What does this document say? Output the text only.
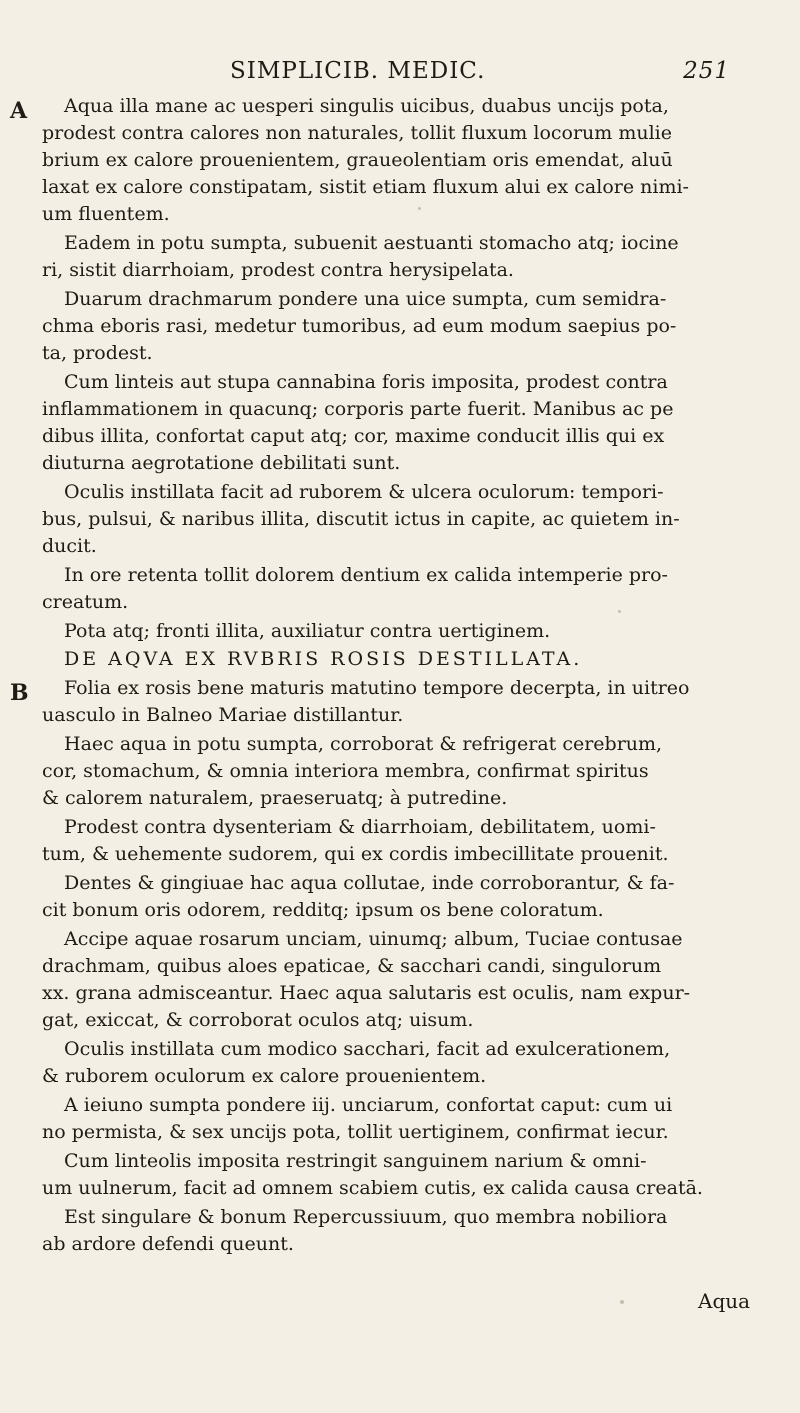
SIMPLICIB. MEDIC.	251
A
B
Aqua illa mane ac uesperi singulis uicibus, duabus uncijs pota,
prodest contra calores non naturales, tollit fluxum locorum mulie
brium ex calore prouenientem, graueolentiam oris emendat, aluū
laxat ex calore constipatam, sistit etiam fluxum alui ex calore nimi-
um fluentem.
Eadem in potu sumpta, subuenit aestuanti stomacho atq; iocine
ri, sistit diarrhoiam, prodest contra herysipelata.
Duarum drachmarum pondere una uice sumpta, cum semidra-
chma eboris rasi, medetur tumoribus, ad eum modum saepius po-
ta, prodest.
Cum linteis aut stupa cannabina foris imposita, prodest contra
inflammationem in quacunq; corporis parte fuerit. Manibus ac pe
dibus illita, confortat caput atq; cor, maxime conducit illis qui ex
diuturna aegrotatione debilitati sunt.
Oculis instillata facit ad ruborem & ulcera oculorum: tempori-
bus, pulsui, & naribus illita, discutit ictus in capite, ac quietem in-
ducit.
In ore retenta tollit dolorem dentium ex calida intemperie pro-
creatum.
Pota atq; fronti illita, auxiliatur contra uertiginem.
DE AQVA EX RVBRIS ROSIS DESTILLATA.
Folia ex rosis bene maturis matutino tempore decerpta, in uitreo
uasculo in Balneo Mariae distillantur.
Haec aqua in potu sumpta, corroborat & refrigerat cerebrum,
cor, stomachum, & omnia interiora membra, confirmat spiritus
& calorem naturalem, praeseruatq; à putredine.
Prodest contra dysenteriam & diarrhoiam, debilitatem, uomi-
tum, & uehemente sudorem, qui ex cordis imbecillitate prouenit.
Dentes & gingiuae hac aqua collutae, inde corroborantur, & fa-
cit bonum oris odorem, redditq; ipsum os bene coloratum.
Accipe aquae rosarum unciam, uinumq; album, Tuciae contusae
drachmam, quibus aloes epaticae, & sacchari candi, singulorum
xx. grana admisceantur. Haec aqua salutaris est oculis, nam expur-
gat, exiccat, & corroborat oculos atq; uisum.
Oculis instillata cum modico sacchari, facit ad exulcerationem,
& ruborem oculorum ex calore prouenientem.
A ieiuno sumpta pondere iij. unciarum, confortat caput: cum ui
no permista, & sex uncijs pota, tollit uertiginem, confirmat iecur.
Cum linteolis imposita restringit sanguinem narium & omni-
um uulnerum, facit ad omnem scabiem cutis, ex calida causa creatā.
Est singulare & bonum Repercussiuum, quo membra nobiliora
ab ardore defendi queunt.
Aqua
